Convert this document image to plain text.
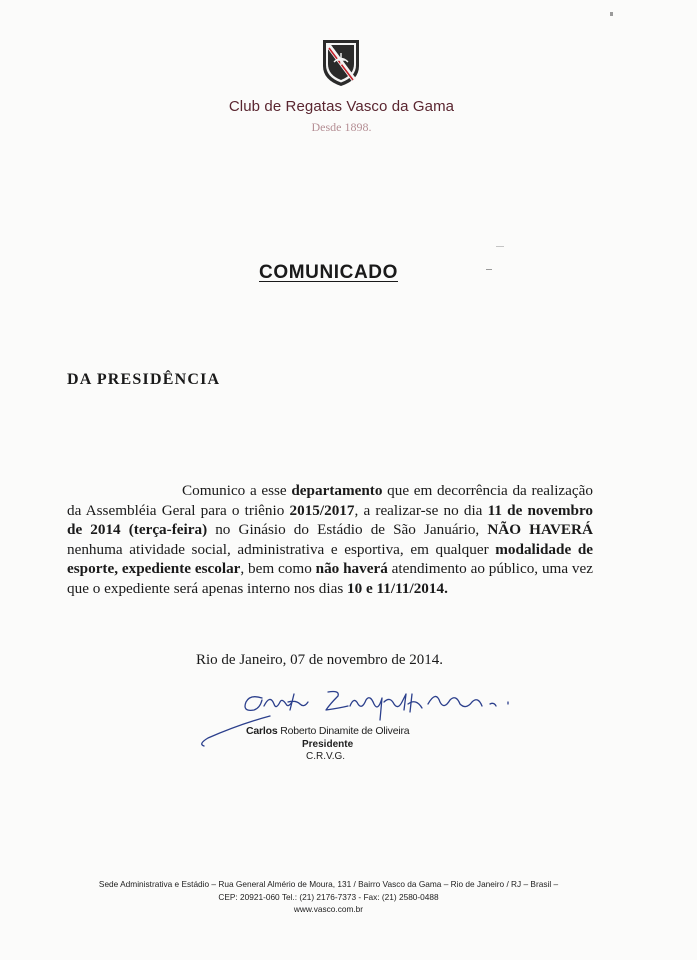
Club de Regatas Vasco da Gama
Desde 1898.
COMUNICADO
DA PRESIDÊNCIA
Comunico a esse departamento que em decorrência da realização da Assembléia Geral para o triênio 2015/2017, a realizar-se no dia 11 de novembro de 2014 (terça-feira) no Ginásio do Estádio de São Januário, NÃO HAVERÁ nenhuma atividade social, administrativa e esportiva, em qualquer modalidade de esporte, expediente escolar, bem como não haverá atendimento ao público, uma vez que o expediente será apenas interno nos dias 10 e 11/11/2014.
Rio de Janeiro, 07 de novembro de 2014.
Carlos Roberto Dinamite de Oliveira
Presidente
C.R.V.G.
Sede Administrativa e Estádio – Rua General Almério de Moura, 131 / Bairro Vasco da Gama – Rio de Janeiro / RJ – Brasil –
CEP: 20921-060 Tel.: (21) 2176-7373 - Fax: (21) 2580-0488
www.vasco.com.br
